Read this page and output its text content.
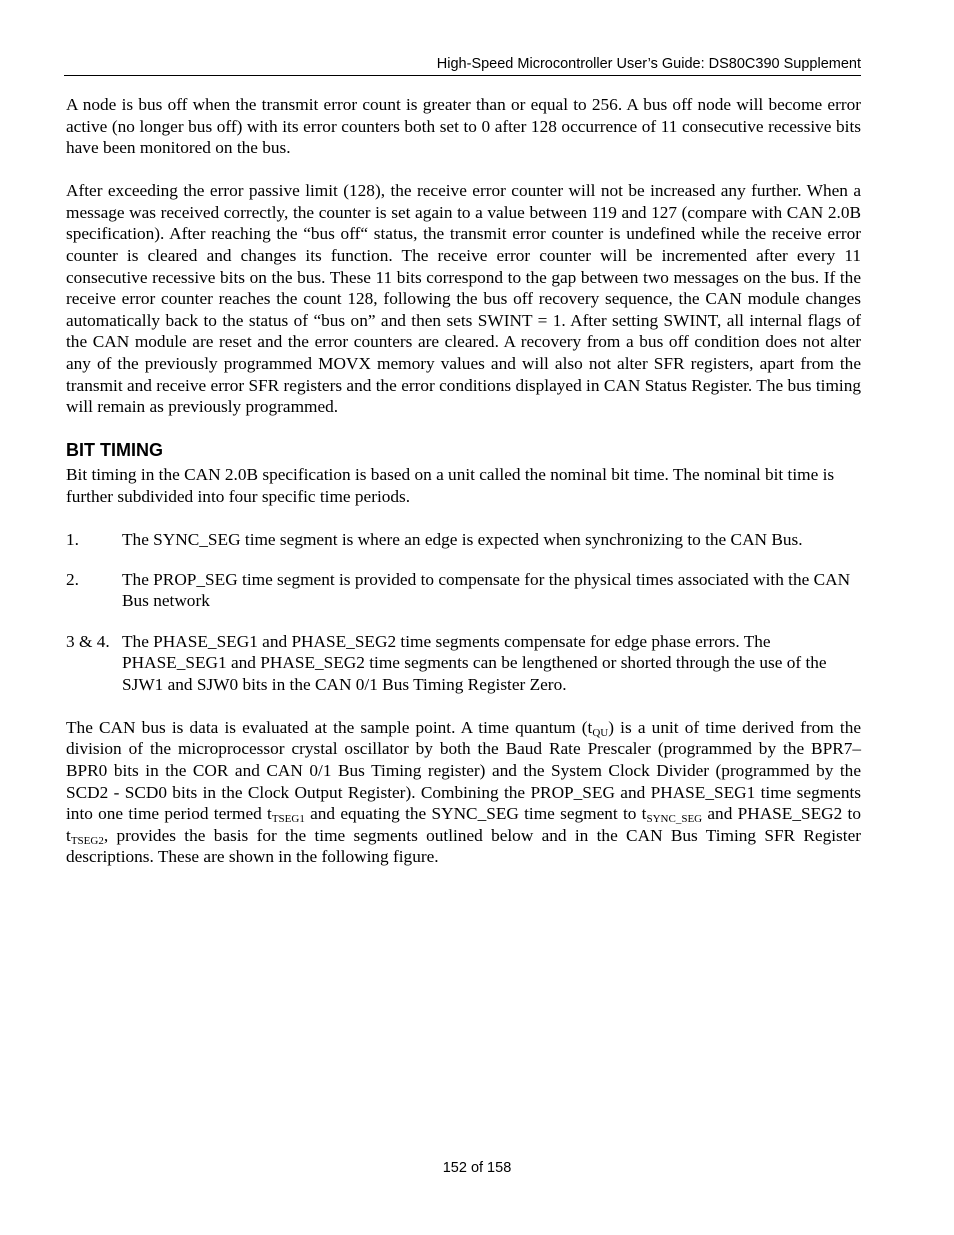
High-Speed Microcontroller User’s Guide: DS80C390 Supplement

A node is bus off when the transmit error count is greater than or equal to 256. A bus off node will become error active (no longer bus off) with its error counters both set to 0 after 128 occurrence of 11 consecutive recessive bits have been monitored on the bus.

After exceeding the error passive limit (128), the receive error counter will not be increased any further. When a message was received correctly, the counter is set again to a value between 119 and 127 (compare with CAN 2.0B specification). After reaching the “bus off“ status, the transmit error counter is undefined while the receive error counter is cleared and changes its function. The receive error counter will be incremented after every 11 consecutive recessive bits on the bus. These 11 bits correspond to the gap between two messages on the bus. If the receive error counter reaches the count 128, following the bus off recovery sequence, the CAN module changes automatically back to the status of “bus on” and then sets SWINT = 1. After setting SWINT, all internal flags of the CAN module are reset and the error counters are cleared. A recovery from a bus off condition does not alter any of the previously programmed MOVX memory values and will also not alter SFR registers, apart from the transmit and receive error SFR registers and the error conditions displayed in CAN Status Register. The bus timing will remain as previously programmed.

BIT TIMING

Bit timing in the CAN 2.0B specification is based on a unit called the nominal bit time. The nominal bit time is further subdivided into four specific time periods.

1.	The SYNC_SEG time segment is where an edge is expected when synchronizing to the CAN Bus.
2.	The PROP_SEG time segment is provided to compensate for the physical times associated with the CAN Bus network
3 & 4. The PHASE_SEG1 and PHASE_SEG2 time segments compensate for edge phase errors. The PHASE_SEG1 and PHASE_SEG2 time segments can be lengthened or shorted through the use of the SJW1 and SJW0 bits in the CAN 0/1 Bus Timing Register Zero.

The CAN bus is data is evaluated at the sample point. A time quantum $(t_{QU})$ is a unit of time derived from the division of the microprocessor crystal oscillator by both the Baud Rate Prescaler (programmed by the BPR7–BPR0 bits in the COR and CAN 0/1 Bus Timing register) and the System Clock Divider (programmed by the SCD2 - SCD0 bits in the Clock Output Register). Combining the PROP_SEG and PHASE_SEG1 time segments into one time period termed $t_{TSEG1}$ and equating the SYNC_SEG time segment to $t_{SYNC\_SEG}$ and PHASE_SEG2 to $t_{TSEG2}$, provides the basis for the time segments outlined below and in the CAN Bus Timing SFR Register descriptions. These are shown in the following figure.

152 of 158
